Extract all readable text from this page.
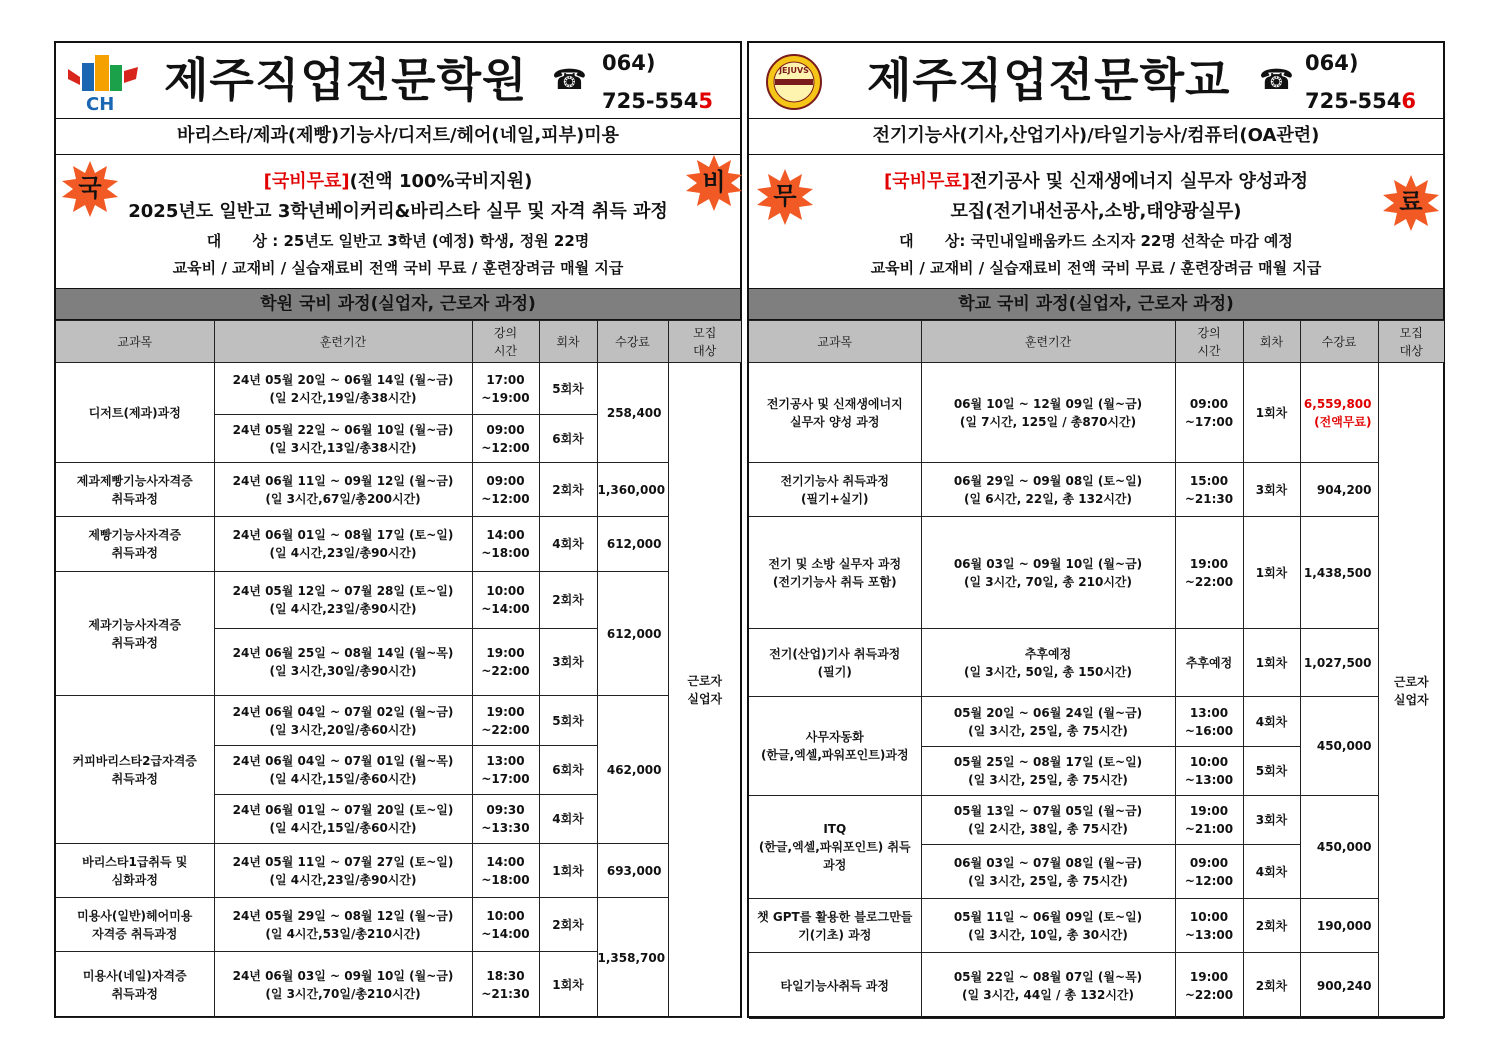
CH 제주직업전문학원 ☎ 064)
725-5545
바리스타/제과(제빵)기능사/디저트/헤어(네일,피부)미용
국	비
[국비무료](전액 100%국비지원)
2025년도 일반고 3학년베이커리&바리스타 실무 및 자격 취득 과정
대      상 : 25년도 일반고 3학년 (예정) 학생, 정원 22명
교육비 / 교재비 / 실습재료비 전액 국비 무료 / 훈련장려금 매월 지급
학원 국비 과정(실업자, 근로자 과정)
교과목	훈련기간	강의
시간	회차	수강료	모집
대상
디저트(제과)과정	24년 05월 20일 ~ 06월 14일 (월~금)
(일 2시간,19일/총38시간)	17:00
~19:00	5회차	258,400	근로자
실업자
	24년 05월 22일 ~ 06월 10일 (월~금)
(일 3시간,13일/총38시간)	09:00
~12:00	6회차		
제과제빵기능사자격증
취득과정	24년 06월 11일 ~ 09월 12일 (월~금)
(일 3시간,67일/총200시간)	09:00
~12:00	2회차	1,360,000	
제빵기능사자격증
취득과정	24년 06월 01일 ~ 08월 17일 (토~일)
(일 4시간,23일/총90시간)	14:00
~18:00	4회차	612,000	
제과기능사자격증
취득과정	24년 05월 12일 ~ 07월 28일 (토~일)
(일 4시간,23일/총90시간)	10:00
~14:00	2회차	612,000	
	24년 06월 25일 ~ 08월 14일 (월~목)
(일 3시간,30일/총90시간)	19:00
~22:00	3회차		
커피바리스타2급자격증
취득과정	24년 06월 04일 ~ 07월 02일 (월~금)
(일 3시간,20일/총60시간)	19:00
~22:00	5회차	462,000	
	24년 06월 04일 ~ 07월 01일 (월~목)
(일 4시간,15일/총60시간)	13:00
~17:00	6회차		
	24년 06월 01일 ~ 07월 20일 (토~일)
(일 4시간,15일/총60시간)	09:30
~13:30	4회차		
바리스타1급취득 및
심화과정	24년 05월 11일 ~ 07월 27일 (토~일)
(일 4시간,23일/총90시간)	14:00
~18:00	1회차	693,000	
미용사(일반)헤어미용
자격증 취득과정	24년 05월 29일 ~ 08월 12일 (월~금)
(일 4시간,53일/총210시간)	10:00
~14:00	2회차	1,358,700	
미용사(네일)자격증
취득과정	24년 06월 03일 ~ 09월 10일 (월~금)
(일 3시간,70일/총210시간)	18:30
~21:30	1회차		
JEJUVS 제주직업전문학교 ☎ 064)
725-5546
전기기능사(기사,산업기사)/타일기능사/컴퓨터(OA관련)
무	료
[국비무료]전기공사 및 신재생에너지 실무자 양성과정
모집(전기내선공사,소방,태양광실무)
대      상: 국민내일배움카드 소지자 22명 선착순 마감 예정
교육비 / 교재비 / 실습재료비 전액 국비 무료 / 훈련장려금 매월 지급
학교 국비 과정(실업자, 근로자 과정)
교과목	훈련기간	강의
시간	회차	수강료	모집
대상
전기공사 및 신재생에너지
실무자 양성 과정	06월 10일 ~ 12월 09일 (월~금)
(일 7시간, 125일 / 총870시간)	09:00
~17:00	1회차	6,559,800
(전액무료)	근로자
실업자
전기기능사 취득과정
(필기+실기)	06월 29일 ~ 09월 08일 (토~일)
(일 6시간, 22일, 총 132시간)	15:00
~21:30	3회차	904,200	
전기 및 소방 실무자 과정
(전기기능사 취득 포함)	06월 03일 ~ 09월 10일 (월~금)
(일 3시간, 70일, 총 210시간)	19:00
~22:00	1회차	1,438,500	
전기(산업)기사 취득과정
(필기)	추후예정
(일 3시간, 50일, 총 150시간)	추후예정	1회차	1,027,500	
사무자동화
(한글,엑셀,파워포인트)과정	05월 20일 ~ 06월 24일 (월~금)
(일 3시간, 25일, 총 75시간)	13:00
~16:00	4회차	450,000	
	05월 25일 ~ 08월 17일 (토~일)
(일 3시간, 25일, 총 75시간)	10:00
~13:00	5회차		
ITQ
(한글,엑셀,파워포인트) 취득
과정	05월 13일 ~ 07월 05일 (월~금)
(일 2시간, 38일, 총 75시간)	19:00
~21:00	3회차	450,000	
	06월 03일 ~ 07월 08일 (월~금)
(일 3시간, 25일, 총 75시간)	09:00
~12:00	4회차		
챗 GPT를 활용한 블로그만들
기(기초) 과정	05월 11일 ~ 06월 09일 (토~일)
(일 3시간, 10일, 총 30시간)	10:00
~13:00	2회차	190,000	
타일기능사취득 과정	05월 22일 ~ 08월 07일 (월~목)
(일 3시간, 44일 / 총 132시간)	19:00
~22:00	2회차	900,240	
